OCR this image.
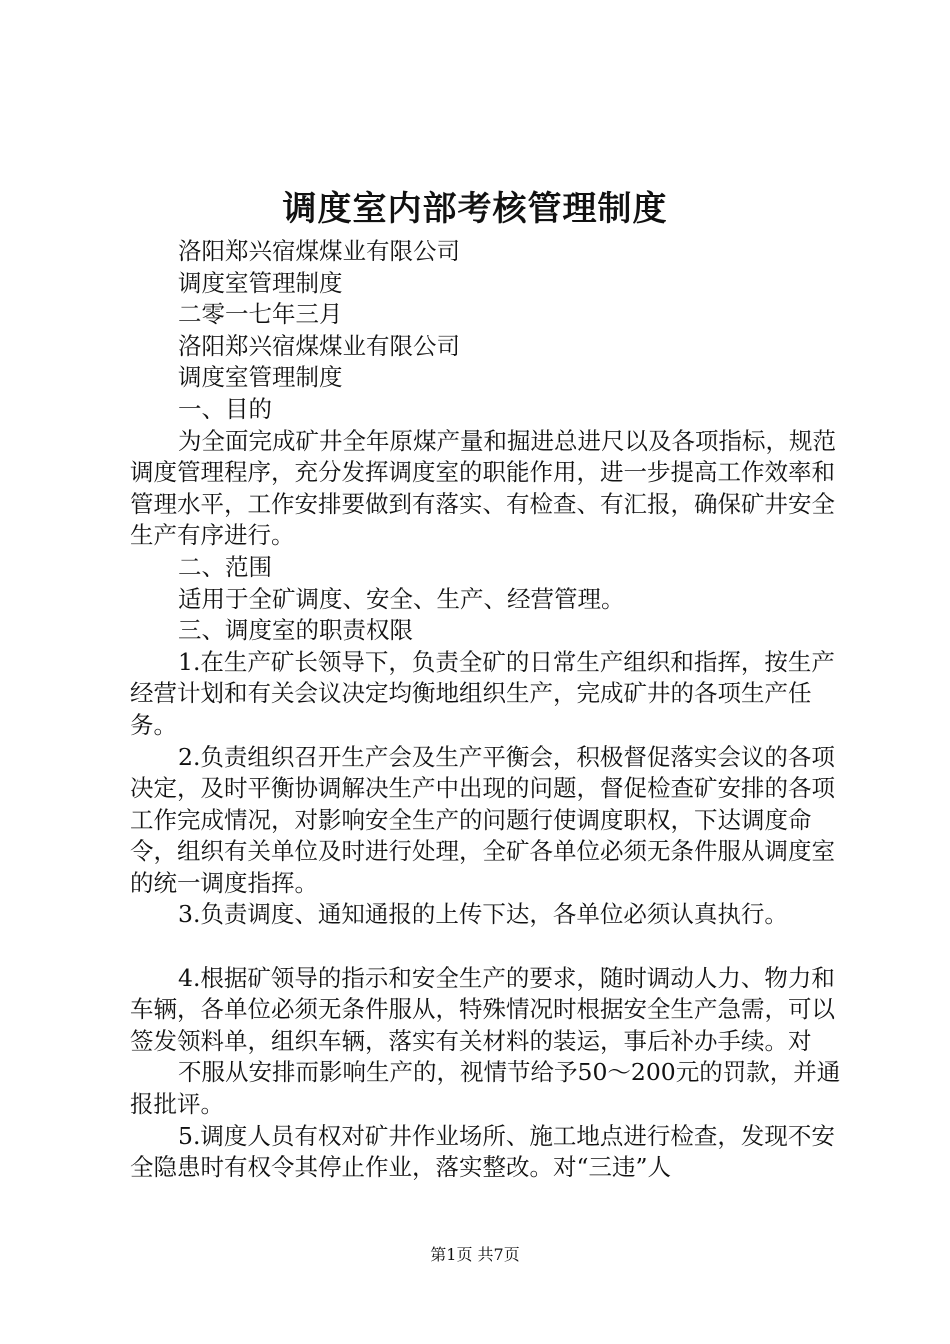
调度室内部考核管理制度

洛阳郑兴宿煤煤业有限公司

调度室管理制度

二零一七年三月

洛阳郑兴宿煤煤业有限公司

调度室管理制度

一、目的

为全面完成矿井全年原煤产量和掘进总进尺以及各项指标，规范调度管理程序，充分发挥调度室的职能作用，进一步提高工作效率和管理水平，工作安排要做到有落实、有检查、有汇报，确保矿井安全生产有序进行。

二、范围

适用于全矿调度、安全、生产、经营管理。

三、调度室的职责权限

1.在生产矿长领导下，负责全矿的日常生产组织和指挥，按生产经营计划和有关会议决定均衡地组织生产，完成矿井的各项生产任务。

2.负责组织召开生产会及生产平衡会，积极督促落实会议的各项决定，及时平衡协调解决生产中出现的问题，督促检查矿安排的各项工作完成情况，对影响安全生产的问题行使调度职权，下达调度命令，组织有关单位及时进行处理，全矿各单位必须无条件服从调度室的统一调度指挥。

3.负责调度、通知通报的上传下达，各单位必须认真执行。

4.根据矿领导的指示和安全生产的要求，随时调动人力、物力和车辆，各单位必须无条件服从，特殊情况时根据安全生产急需，可以签发领料单，组织车辆，落实有关材料的装运，事后补办手续。对

不服从安排而影响生产的，视情节给予50～200元的罚款，并通报批评。

5.调度人员有权对矿井作业场所、施工地点进行检查，发现不安全隐患时有权令其停止作业，落实整改。对“三违”人

第1页 共7页
